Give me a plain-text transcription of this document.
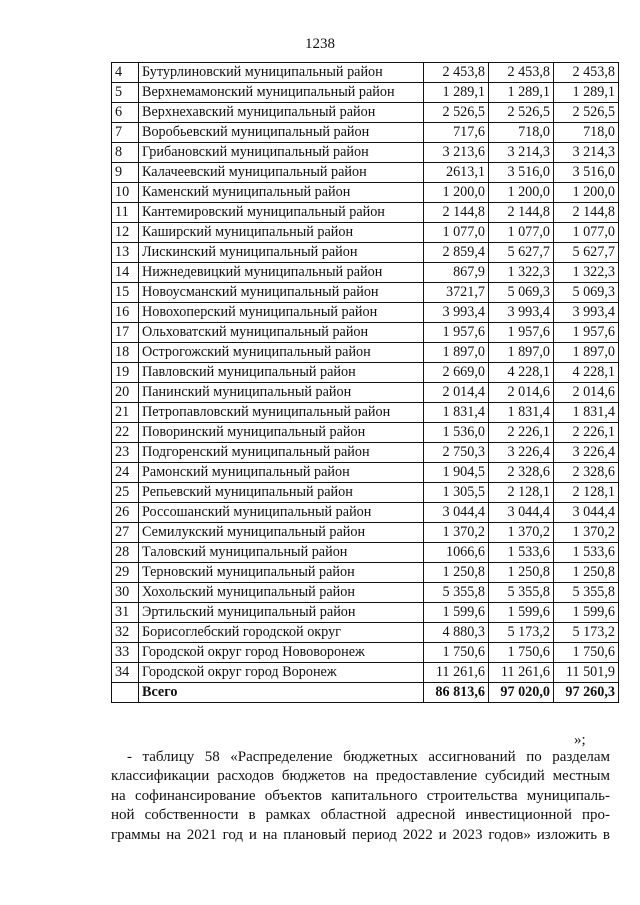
1238
4	Бутурлиновский муниципальный район	2 453,8	2 453,8	2 453,8
5	Верхнемамонский муниципальный район	1 289,1	1 289,1	1 289,1
6	Верхнехавский муниципальный район	2 526,5	2 526,5	2 526,5
7	Воробьевский муниципальный район	717,6	718,0	718,0
8	Грибановский муниципальный район	3 213,6	3 214,3	3 214,3
9	Калачеевский муниципальный район	2613,1	3 516,0	3 516,0
10	Каменский муниципальный район	1 200,0	1 200,0	1 200,0
11	Кантемировский муниципальный район	2 144,8	2 144,8	2 144,8
12	Каширский муниципальный район	1 077,0	1 077,0	1 077,0
13	Лискинский муниципальный район	2 859,4	5 627,7	5 627,7
14	Нижнедевицкий муниципальный район	867,9	1 322,3	1 322,3
15	Новоусманский муниципальный район	3721,7	5 069,3	5 069,3
16	Новохоперский муниципальный район	3 993,4	3 993,4	3 993,4
17	Ольховатский муниципальный район	1 957,6	1 957,6	1 957,6
18	Острогожский муниципальный район	1 897,0	1 897,0	1 897,0
19	Павловский муниципальный район	2 669,0	4 228,1	4 228,1
20	Панинский муниципальный район	2 014,4	2 014,6	2 014,6
21	Петропавловский муниципальный район	1 831,4	1 831,4	1 831,4
22	Поворинский муниципальный район	1 536,0	2 226,1	2 226,1
23	Подгоренский муниципальный район	2 750,3	3 226,4	3 226,4
24	Рамонский муниципальный район	1 904,5	2 328,6	2 328,6
25	Репьевский муниципальный район	1 305,5	2 128,1	2 128,1
26	Россошанский муниципальный район	3 044,4	3 044,4	3 044,4
27	Семилукский муниципальный район	1 370,2	1 370,2	1 370,2
28	Таловский муниципальный район	1066,6	1 533,6	1 533,6
29	Терновский муниципальный район	1 250,8	1 250,8	1 250,8
30	Хохольский муниципальный район	5 355,8	5 355,8	5 355,8
31	Эртильский муниципальный район	1 599,6	1 599,6	1 599,6
32	Борисоглебский городской округ	4 880,3	5 173,2	5 173,2
33	Городской округ город Нововоронеж	1 750,6	1 750,6	1 750,6
34	Городской округ город Воронеж	11 261,6	11 261,6	11 501,9
	Всего	86 813,6	97 020,0	97 260,3
»;
- таблицу 58 «Распределение бюджетных ассигнований по разделам
классификации расходов бюджетов на предоставление субсидий местным
на софинансирование объектов капитального строительства муниципаль-
ной собственности в рамках областной адресной инвестиционной про-
граммы на 2021 год и на плановый период 2022 и 2023 годов» изложить в
